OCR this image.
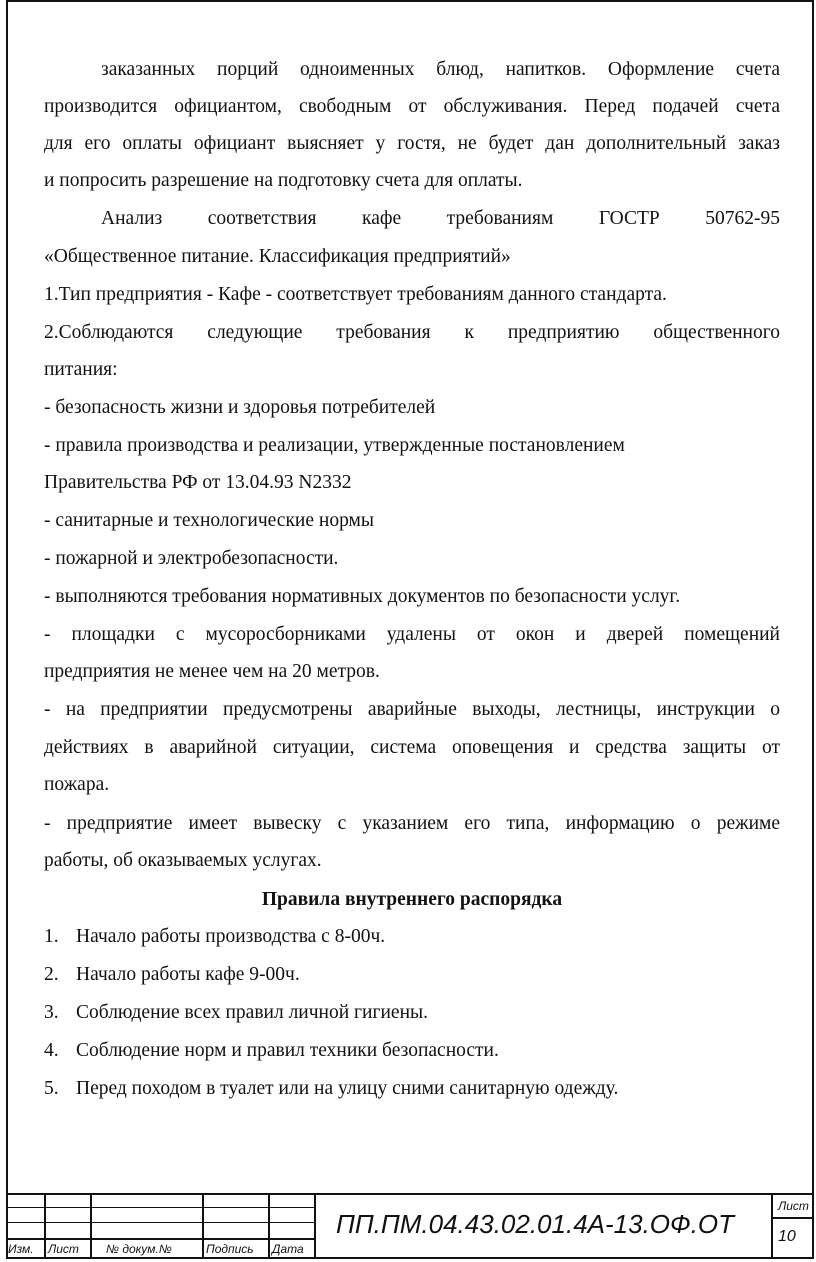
заказанных порций одноименных блюд, напитков. Оформление счета
производится официантом, свободным от обслуживания. Перед подачей счета
для его оплаты официант выясняет у гостя, не будет дан дополнительный заказ
и попросить разрешение на подготовку счета для оплаты.
Анализ соответствия кафе требованиям ГОСТР 50762-95
«Общественное питание. Классификация предприятий»
1.Тип предприятия - Кафе - соответствует требованиям данного стандарта.
2.Соблюдаются следующие требования к предприятию общественного
питания:
- безопасность жизни и здоровья потребителей
- правила производства и реализации, утвержденные постановлением
Правительства РФ от 13.04.93 N2332
- санитарные и технологические нормы
- пожарной и электробезопасности.
- выполняются требования нормативных документов по безопасности услуг.
- площадки с мусоросборниками удалены от окон и дверей помещений
предприятия не менее чем на 20 метров.
- на предприятии предусмотрены аварийные выходы, лестницы, инструкции о
действиях в аварийной ситуации, система оповещения и средства защиты от
пожара.
- предприятие имеет вывеску с указанием его типа, информацию о режиме
работы, об оказываемых услугах.
Правила внутреннего распорядка
1. Начало работы производства с 8-00ч.
2. Начало работы кафе 9-00ч.
3. Соблюдение всех правил личной гигиены.
4. Соблюдение норм и правил техники безопасности.
5. Перед походом в туалет или на улицу сними санитарную одежду.
Изм. Лист № докум.№	Подпись Дата
ПП.ПМ.04.43.02.01.4А-13.ОФ.ОТ
Лист
10
